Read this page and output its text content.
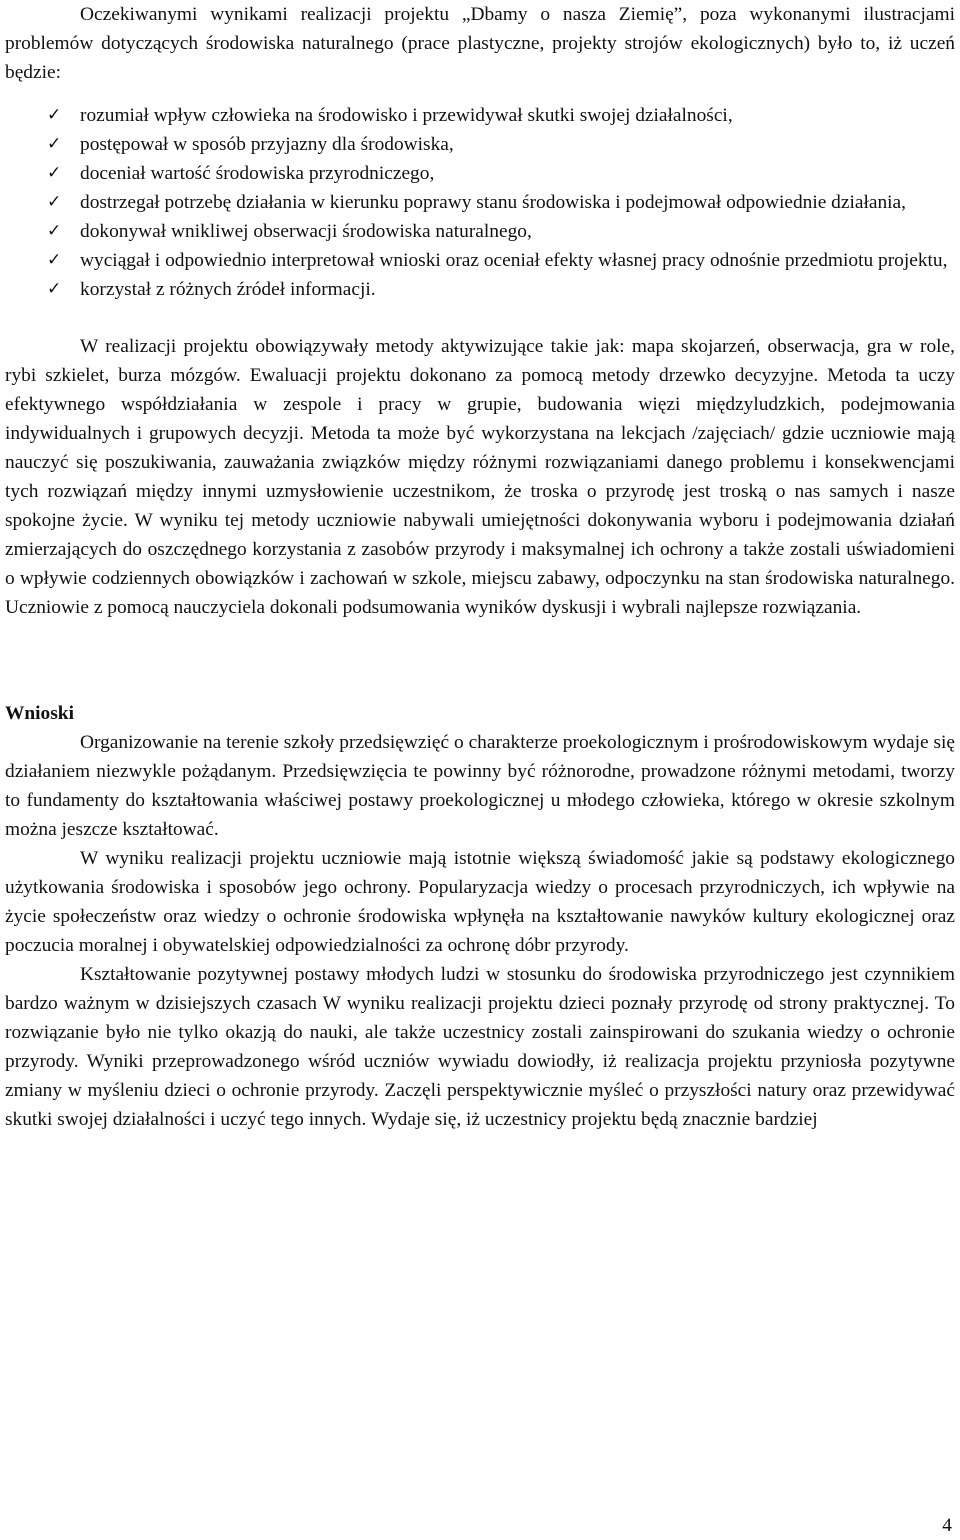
Oczekiwanymi wynikami realizacji projektu „Dbamy o nasza Ziemię”, poza wykonanymi ilustracjami problemów dotyczących środowiska naturalnego (prace plastyczne, projekty strojów ekologicznych) było to, iż uczeń będzie:

✓ rozumiał wpływ człowieka na środowisko i przewidywał skutki swojej działalności,
✓ postępował w sposób przyjazny dla środowiska,
✓ doceniał wartość środowiska przyrodniczego,
✓ dostrzegał potrzebę działania w kierunku poprawy stanu środowiska i podejmował odpowiednie działania,
✓ dokonywał wnikliwej obserwacji środowiska naturalnego,
✓ wyciągał i odpowiednio interpretował wnioski oraz oceniał efekty własnej pracy odnośnie przedmiotu projektu,
✓ korzystał z różnych źródeł informacji.

W realizacji projektu obowiązywały metody aktywizujące takie jak: mapa skojarzeń, obserwacja, gra w role, rybi szkielet, burza mózgów. Ewaluacji projektu dokonano za pomocą metody drzewko decyzyjne. Metoda ta uczy efektywnego współdziałania w zespole i pracy w grupie, budowania więzi międzyludzkich, podejmowania indywidualnych i grupowych decyzji. Metoda ta może być wykorzystana na lekcjach /zajęciach/ gdzie uczniowie mają nauczyć się poszukiwania, zauważania związków między różnymi rozwiązaniami danego problemu i konsekwencjami tych rozwiązań między innymi uzmysłowienie uczestnikom, że troska o przyrodę jest troską o nas samych i nasze spokojne życie. W wyniku tej metody uczniowie nabywali umiejętności dokonywania wyboru i podejmowania działań zmierzających do oszczędnego korzystania z zasobów przyrody i maksymalnej ich ochrony a także zostali uświadomieni o wpływie codziennych obowiązków i zachowań w szkole, miejscu zabawy, odpoczynku na stan środowiska naturalnego. Uczniowie z pomocą nauczyciela dokonali podsumowania wyników dyskusji i wybrali najlepsze rozwiązania.

Wnioski

Organizowanie na terenie szkoły przedsięwzięć o charakterze proekologicznym i prośrodowiskowym wydaje się działaniem niezwykle pożądanym. Przedsięwzięcia te powinny być różnorodne, prowadzone różnymi metodami, tworzy to fundamenty do kształtowania właściwej postawy proekologicznej u młodego człowieka, którego w okresie szkolnym można jeszcze kształtować.

W wyniku realizacji projektu uczniowie mają istotnie większą świadomość jakie są podstawy ekologicznego użytkowania środowiska i sposobów jego ochrony. Popularyzacja wiedzy o procesach przyrodniczych, ich wpływie na życie społeczeństw oraz wiedzy o ochronie środowiska wpłynęła na kształtowanie nawyków kultury ekologicznej oraz poczucia moralnej i obywatelskiej odpowiedzialności za ochronę dóbr przyrody.

Kształtowanie pozytywnej postawy młodych ludzi w stosunku do środowiska przyrodniczego jest czynnikiem bardzo ważnym w dzisiejszych czasach W wyniku realizacji projektu dzieci poznały przyrodę od strony praktycznej. To rozwiązanie było nie tylko okazją do nauki, ale także uczestnicy zostali zainspirowani do szukania wiedzy o ochronie przyrody. Wyniki przeprowadzonego wśród uczniów wywiadu dowiodły, iż realizacja projektu przyniosła pozytywne zmiany w myśleniu dzieci o ochronie przyrody. Zaczęli perspektywicznie myśleć o przyszłości natury oraz przewidywać skutki swojej działalności i uczyć tego innych. Wydaje się, iż uczestnicy projektu będą znacznie bardziej

4
